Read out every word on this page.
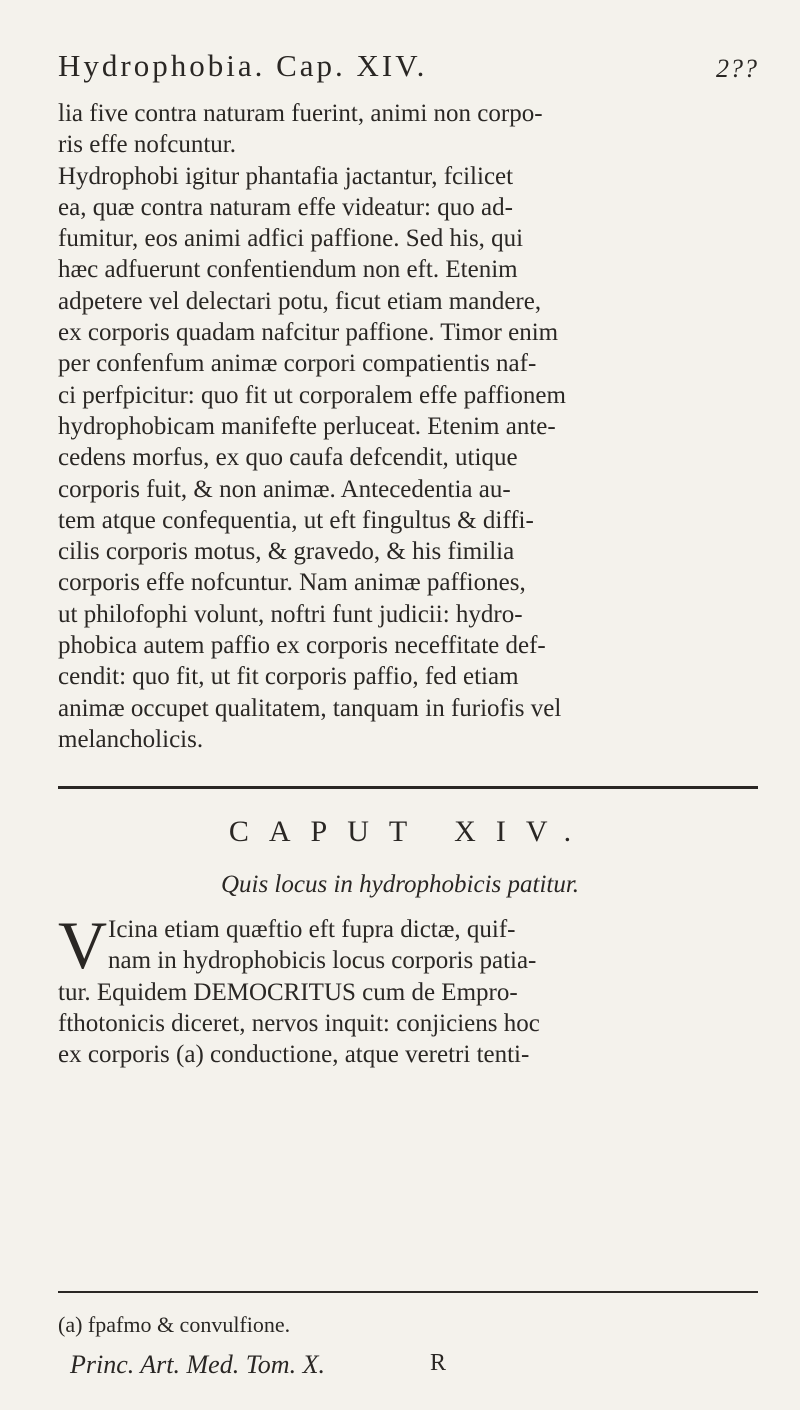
Hydrophobia. Cap. XIV.	2??
lia five contra naturam fuerint, animi non corpo-
ris effe nofcuntur.
Hydrophobi igitur phantafia jactantur, fcilicet
ea, quæ contra naturam effe videatur: quo ad-
fumitur, eos animi adfici paffione. Sed his, qui
hæc adfuerunt confentiendum non eft. Etenim
adpetere vel delectari potu, ficut etiam mandere,
ex corporis quadam nafcitur paffione. Timor enim
per confenfum animæ corpori compatientis naf-
ci perfpicitur: quo fit ut corporalem effe paffionem
hydrophobicam manifefte perluceat. Etenim ante-
cedens morfus, ex quo caufa defcendit, utique
corporis fuit, & non animæ. Antecedentia au-
tem atque confequentia, ut eft fingultus & diffi-
cilis corporis motus, & gravedo, & his fimilia
corporis effe nofcuntur. Nam animæ paffiones,
ut philofophi volunt, noftri funt judicii: hydro-
phobica autem paffio ex corporis neceffitate def-
cendit: quo fit, ut fit corporis paffio, fed etiam
animæ occupet qualitatem, tanquam in furiofis vel
melancholicis.
CAPUT XIV.
Quis locus in hydrophobicis patitur.
V Icina etiam quæftio eft fupra dictæ, quif-
nam in hydrophobicis locus corporis patia-
tur. Equidem DEMOCRITUS cum de Empro-
fthotonicis diceret, nervos inquit: conjiciens hoc
ex corporis (a) conductione, atque veretri tenti-
(a) fpafmo & convulfione.
Princ. Art. Med. Tom. X.	R
